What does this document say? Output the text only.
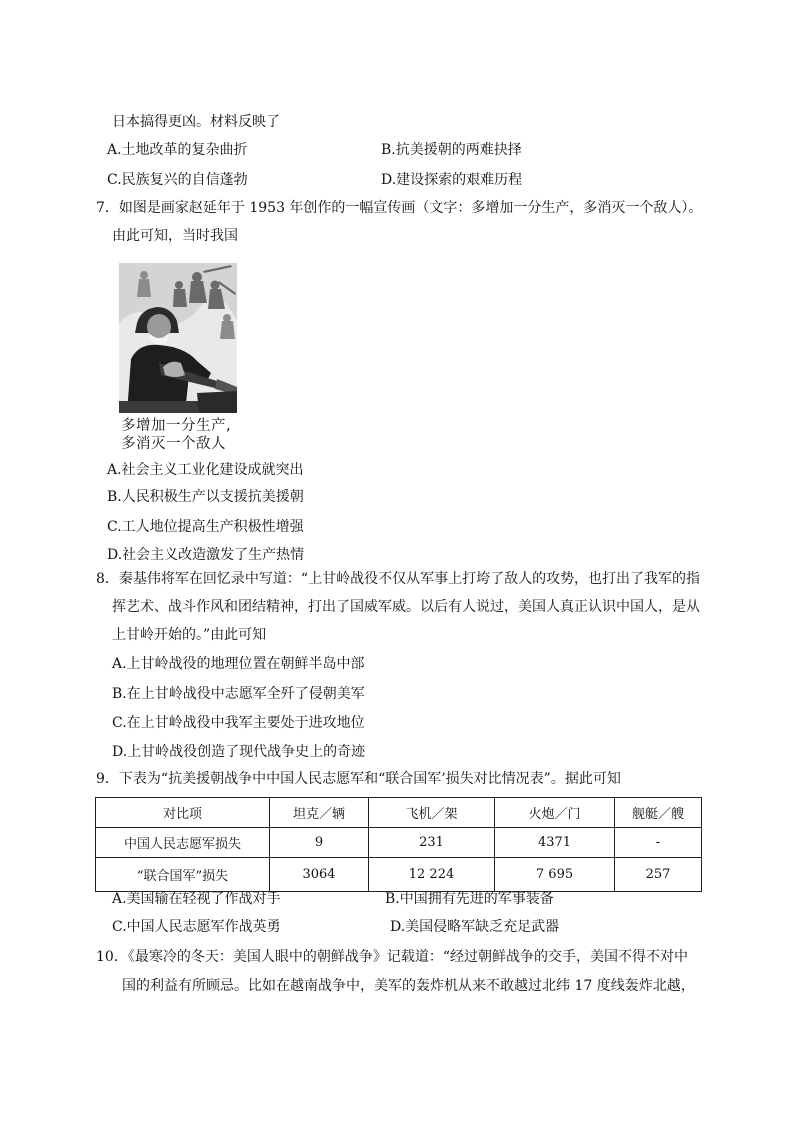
日本搞得更凶。材料反映了
A.土地改革的复杂曲折	B.抗美援朝的两难抉择
C.民族复兴的自信蓬勃	D.建设探索的艰难历程
7．如图是画家赵延年于 1953 年创作的一幅宣传画（文字：多增加一分生产，多消灭一个敌人）。
由此可知，当时我国
多增加一分生产,
多消灭一个敌人
A.社会主义工业化建设成就突出
B.人民积极生产以支援抗美援朝
C.工人地位提高生产积极性增强
D.社会主义改造激发了生产热情
8．秦基伟将军在回忆录中写道：“上甘岭战役不仅从军事上打垮了敌人的攻势，也打出了我军的指
挥艺术、战斗作风和团结精神，打出了国威军威。以后有人说过，美国人真正认识中国人，是从
上甘岭开始的。”由此可知
A.上甘岭战役的地理位置在朝鲜半岛中部
B.在上甘岭战役中志愿军全歼了侵朝美军
C.在上甘岭战役中我军主要处于进攻地位
D.上甘岭战役创造了现代战争史上的奇迹
9．下表为“抗美援朝战争中中国人民志愿军和“联合国军’损失对比情况表”。据此可知
对比项	坦克／辆	飞机／架	火炮／门	舰艇／艘
中国人民志愿军损失	9	231	4371	-
“联合国军”损失	3064	12 224	7 695	257
A.美国输在轻视了作战对手	B.中国拥有先进的军事装备
C.中国人民志愿军作战英勇	D.美国侵略军缺乏充足武器
10．《最寒冷的冬天：美国人眼中的朝鲜战争》记载道：“经过朝鲜战争的交手，美国不得不对中
国的利益有所顾忌。比如在越南战争中，美军的轰炸机从来不敢越过北纬 17 度线轰炸北越，
